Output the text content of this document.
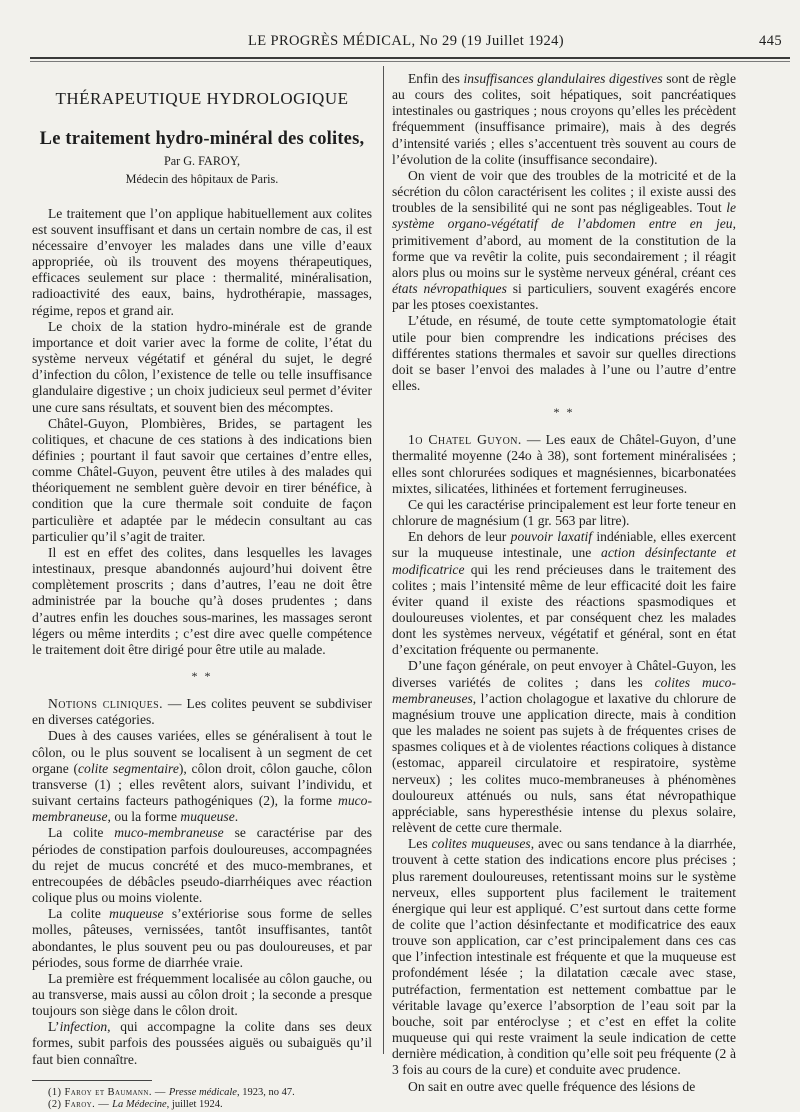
LE PROGRÈS MÉDICAL, No 29 (19 Juillet 1924)	445
THÉRAPEUTIQUE HYDROLOGIQUE
Le traitement hydro-minéral des colites,
Par G. FAROY,
Médecin des hôpitaux de Paris.

Le traitement que l’on applique habituellement aux colites est souvent insuffisant et dans un certain nombre de cas, il est nécessaire d’envoyer les malades dans une ville d’eaux appropriée, où ils trouvent des moyens thérapeutiques, efficaces seulement sur place : thermalité, minéralisation, radioactivité des eaux, bains, hydrothérapie, massages, régime, repos et grand air.

Le choix de la station hydro-minérale est de grande importance et doit varier avec la forme de colite, l’état du système nerveux végétatif et général du sujet, le degré d’infection du côlon, l’existence de telle ou telle insuffisance glandulaire digestive ; un choix judicieux seul permet d’éviter une cure sans résultats, et souvent bien des mécomptes.

Châtel-Guyon, Plombières, Brides, se partagent les colitiques, et chacune de ces stations à des indications bien définies ; pourtant il faut savoir que certaines d’entre elles, comme Châtel-Guyon, peuvent être utiles à des malades qui théoriquement ne semblent guère devoir en tirer bénéfice, à condition que la cure thermale soit conduite de façon particulière et adaptée par le médecin consultant au cas particulier qu’il s’agit de traiter.

Il est en effet des colites, dans lesquelles les lavages intestinaux, presque abandonnés aujourd’hui doivent être complètement proscrits ; dans d’autres, l’eau ne doit être administrée par la bouche qu’à doses prudentes ; dans d’autres enfin les douches sous-marines, les massages seront légers ou même interdits ; c’est dire avec quelle compétence le traitement doit être dirigé pour être utile au malade.

* *

Notions cliniques. — Les colites peuvent se subdiviser en diverses catégories.

Dues à des causes variées, elles se généralisent à tout le côlon, ou le plus souvent se localisent à un segment de cet organe (colite segmentaire), côlon droit, côlon gauche, côlon transverse (1) ; elles revêtent alors, suivant l’individu, et suivant certains facteurs pathogéniques (2), la forme muco-membraneuse, ou la forme muqueuse.

La colite muco-membraneuse se caractérise par des périodes de constipation parfois douloureuses, accompagnées du rejet de mucus concrété et des muco-membranes, et entrecoupées de débâcles pseudo-diarrhéiques avec réaction colique plus ou moins violente.

La colite muqueuse s’extériorise sous forme de selles molles, pâteuses, vernissées, tantôt insuffisantes, tantôt abondantes, le plus souvent peu ou pas douloureuses, et par périodes, sous forme de diarrhée vraie.

La première est fréquemment localisée au côlon gauche, ou au transverse, mais aussi au côlon droit ; la seconde a presque toujours son siège dans le côlon droit.

L’infection, qui accompagne la colite dans ses deux formes, subit parfois des poussées aiguës ou subaiguës qu’il faut bien connaître.

(1) Faroy et Baumann. — Presse médicale, 1923, no 47.

(2) Faroy. — La Médecine, juillet 1924.

Enfin des insuffisances glandulaires digestives sont de règle au cours des colites, soit hépatiques, soit pancréatiques intestinales ou gastriques ; nous croyons qu’elles les précèdent fréquemment (insuffisance primaire), mais à des degrés d’intensité variés ; elles s’accentuent très souvent au cours de l’évolution de la colite (insuffisance secondaire).

On vient de voir que des troubles de la motricité et de la sécrétion du côlon caractérisent les colites ; il existe aussi des troubles de la sensibilité qui ne sont pas négligeables. Tout le système organo-végétatif de l’abdomen entre en jeu, primitivement d’abord, au moment de la constitution de la forme que va revêtir la colite, puis secondairement ; il réagit alors plus ou moins sur le système nerveux général, créant ces états névropathiques si particuliers, souvent exagérés encore par les ptoses coexistantes.

L’étude, en résumé, de toute cette symptomatologie était utile pour bien comprendre les indications précises des différentes stations thermales et savoir sur quelles directions doit se baser l’envoi des malades à l’une ou l’autre d’entre elles.

* *

1o Chatel Guyon. — Les eaux de Châtel-Guyon, d’une thermalité moyenne (24o à 38), sont fortement minéralisées ; elles sont chlorurées sodiques et magnésiennes, bicarbonatées mixtes, silicatées, lithinées et fortement ferrugineuses.

Ce qui les caractérise principalement est leur forte teneur en chlorure de magnésium (1 gr. 563 par litre).

En dehors de leur pouvoir laxatif indéniable, elles exercent sur la muqueuse intestinale, une action désinfectante et modificatrice qui les rend précieuses dans le traitement des colites ; mais l’intensité même de leur efficacité doit les faire éviter quand il existe des réactions spasmodiques et douloureuses violentes, et par conséquent chez les malades dont les systèmes nerveux, végétatif et général, sont en état d’excitation fréquente ou permanente.

D’une façon générale, on peut envoyer à Châtel-Guyon, les diverses variétés de colites ; dans les colites muco-membraneuses, l’action cholagogue et laxative du chlorure de magnésium trouve une application directe, mais à condition que les malades ne soient pas sujets à de fréquentes crises de spasmes coliques et à de violentes réactions coliques à distance (estomac, appareil circulatoire et respiratoire, système nerveux) ; les colites muco-membraneuses à phénomènes douloureux atténués ou nuls, sans état névropathique appréciable, sans hyperesthésie intense du plexus solaire, relèvent de cette cure thermale.

Les colites muqueuses, avec ou sans tendance à la diarrhée, trouvent à cette station des indications encore plus précises ; plus rarement douloureuses, retentissant moins sur le système nerveux, elles supportent plus facilement le traitement énergique qui leur est appliqué. C’est surtout dans cette forme de colite que l’action désinfectante et modificatrice des eaux trouve son application, car c’est principalement dans ces cas que l’infection intestinale est fréquente et que la muqueuse est profondément lésée ; la dilatation cæcale avec stase, putréfaction, fermentation est nettement combattue par le véritable lavage qu’exerce l’absorption de l’eau soit par la bouche, soit par entéroclyse ; et c’est en effet la colite muqueuse qui qui reste vraiment la seule indication de cette dernière médication, à condition qu’elle soit peu fréquente (2 à 3 fois au cours de la cure) et conduite avec prudence.

On sait en outre avec quelle fréquence des lésions de
